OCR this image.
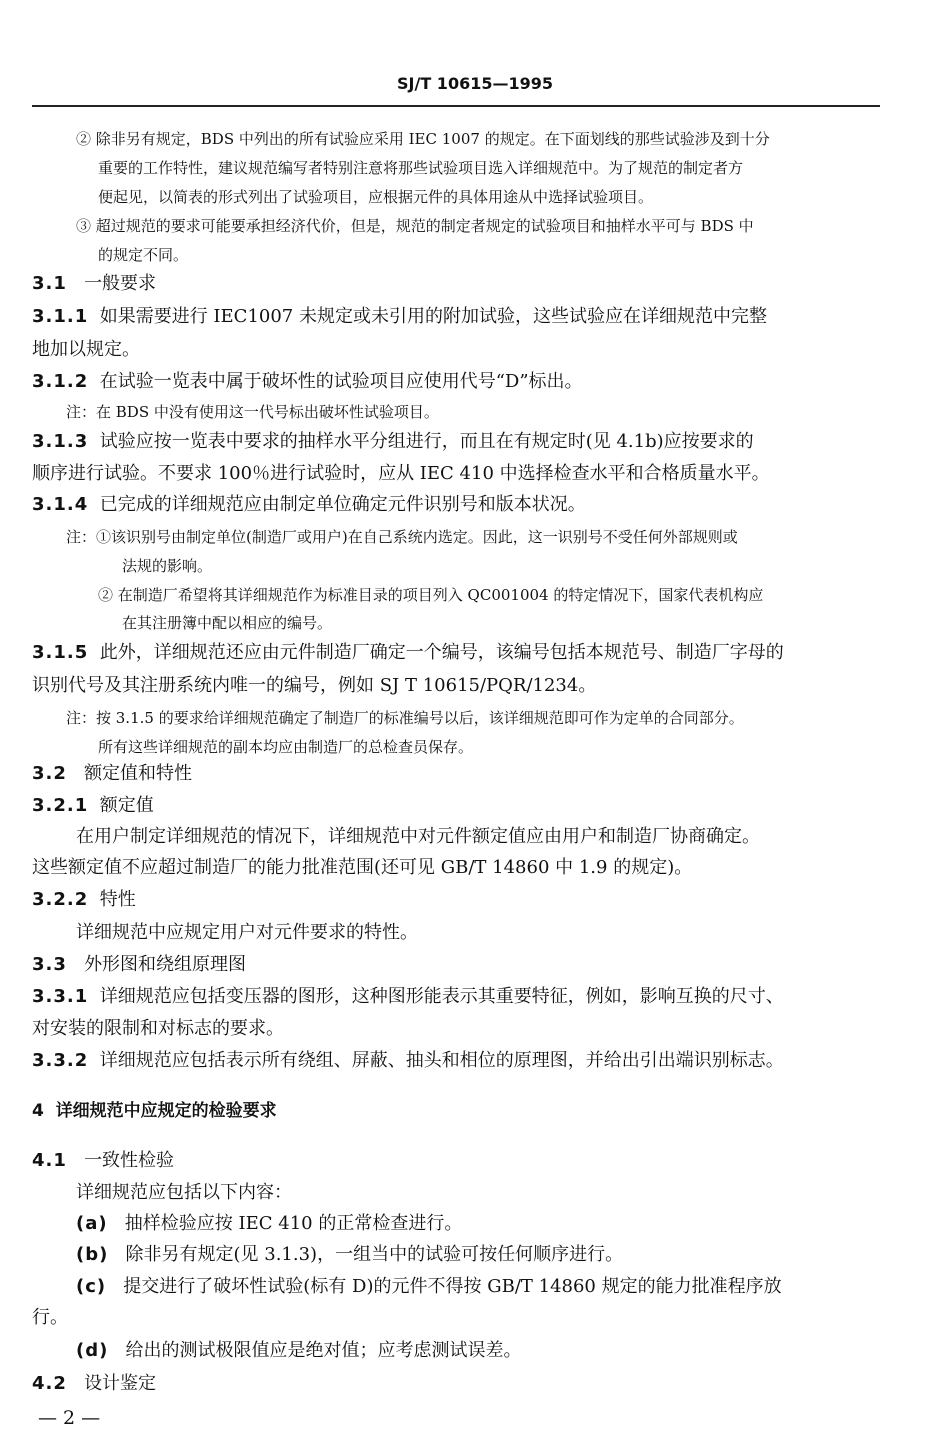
SJ/T 10615—1995
② 除非另有规定，BDS 中列出的所有试验应采用 IEC 1007 的规定。在下面划线的那些试验涉及到十分
重要的工作特性，建议规范编写者特别注意将那些试验项目选入详细规范中。为了规范的制定者方
便起见，以简表的形式列出了试验项目，应根据元件的具体用途从中选择试验项目。
③ 超过规范的要求可能要承担经济代价，但是，规范的制定者规定的试验项目和抽样水平可与 BDS 中
的规定不同。
3.1 一般要求
3.1.1 如果需要进行 IEC1007 未规定或未引用的附加试验，这些试验应在详细规范中完整
地加以规定。
3.1.2 在试验一览表中属于破坏性的试验项目应使用代号“D”标出。
注：在 BDS 中没有使用这一代号标出破坏性试验项目。
3.1.3 试验应按一览表中要求的抽样水平分组进行，而且在有规定时(见 4.1b)应按要求的
顺序进行试验。不要求 100％进行试验时，应从 IEC 410 中选择检查水平和合格质量水平。
3.1.4 已完成的详细规范应由制定单位确定元件识别号和版本状况。
注：①该识别号由制定单位(制造厂或用户)在自己系统内选定。因此，这一识别号不受任何外部规则或
法规的影响。
② 在制造厂希望将其详细规范作为标准目录的项目列入 QC001004 的特定情况下，国家代表机构应
在其注册簿中配以相应的编号。
3.1.5 此外，详细规范还应由元件制造厂确定一个编号，该编号包括本规范号、制造厂字母的
识别代号及其注册系统内唯一的编号，例如 SJ T 10615/PQR/1234。
注：按 3.1.5 的要求给详细规范确定了制造厂的标准编号以后，该详细规范即可作为定单的合同部分。
所有这些详细规范的副本均应由制造厂的总检查员保存。
3.2 额定值和特性
3.2.1 额定值
在用户制定详细规范的情况下，详细规范中对元件额定值应由用户和制造厂协商确定。
这些额定值不应超过制造厂的能力批准范围(还可见 GB/T 14860 中 1.9 的规定)。
3.2.2 特性
详细规范中应规定用户对元件要求的特性。
3.3 外形图和绕组原理图
3.3.1 详细规范应包括变压器的图形，这种图形能表示其重要特征，例如，影响互换的尺寸、
对安装的限制和对标志的要求。
3.3.2 详细规范应包括表示所有绕组、屏蔽、抽头和相位的原理图，并给出引出端识别标志。
4 详细规范中应规定的检验要求
4.1 一致性检验
详细规范应包括以下内容：
(a) 抽样检验应按 IEC 410 的正常检查进行。
(b) 除非另有规定(见 3.1.3)，一组当中的试验可按任何顺序进行。
(c) 提交进行了破坏性试验(标有 D)的元件不得按 GB/T 14860 规定的能力批准程序放
行。
(d) 给出的测试极限值应是绝对值；应考虑测试误差。
4.2 设计鉴定
— 2 —
